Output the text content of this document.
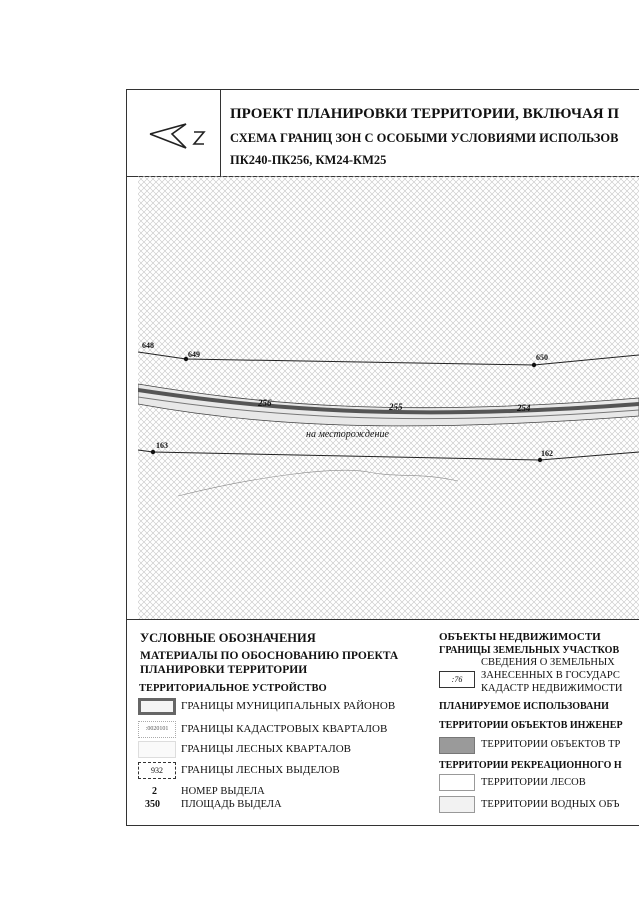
ПРОЕКТ ПЛАНИРОВКИ ТЕРРИТОРИИ, ВКЛЮЧАЯ П
СХЕМА ГРАНИЦ ЗОН С ОСОБЫМИ УСЛОВИЯМИ ИСПОЛЬЗОВ
ПК240-ПК256, КМ24-КМ25
648
649	650
163
162
256	255	254
на месторождение
УСЛОВНЫЕ ОБОЗНАЧЕНИЯ
МАТЕРИАЛЫ ПО ОБОСНОВАНИЮ ПРОЕКТА ПЛАНИРОВКИ ТЕРРИТОРИИ
ТЕРРИТОРИАЛЬНОЕ УСТРОЙСТВО
ГРАНИЦЫ МУНИЦИПАЛЬНЫХ РАЙОНОВ
:0020101	ГРАНИЦЫ КАДАСТРОВЫХ КВАРТАЛОВ
ГРАНИЦЫ ЛЕСНЫХ КВАРТАЛОВ
932	ГРАНИЦЫ ЛЕСНЫХ ВЫДЕЛОВ
2 НОМЕР ВЫДЕЛА
350 ПЛОЩАДЬ ВЫДЕЛА
ОБЪЕКТЫ НЕДВИЖИМОСТИ
ГРАНИЦЫ ЗЕМЕЛЬНЫХ УЧАСТКОВ
:76
СВЕДЕНИЯ О ЗЕМЕЛЬНЫХ
ЗАНЕСЕННЫХ В ГОСУДАРС
КАДАСТР НЕДВИЖИМОСТИ
ТЕРРИТОРИИ ОБЪЕКТОВ ИНЖЕНЕР
ТЕРРИТОРИИ ОБЪЕКТОВ ТР
ПЛАНИРУЕМОЕ ИСПОЛЬЗОВАНИ
ТЕРРИТОРИИ РЕКРЕАЦИОННОГО Н
ТЕРРИТОРИИ ЛЕСОВ
ТЕРРИТОРИИ ВОДНЫХ ОБЪ
